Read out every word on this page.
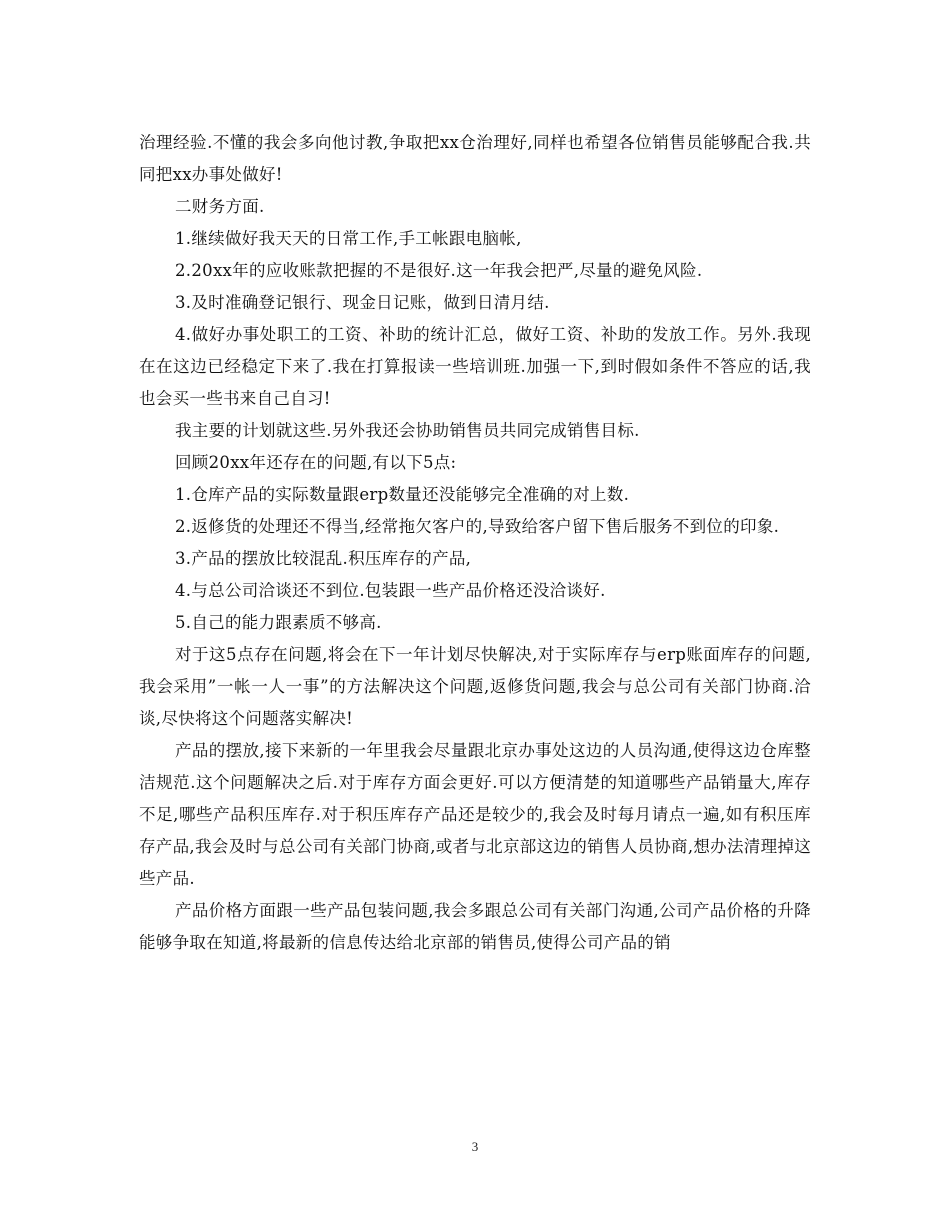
治理经验.不懂的我会多向他讨教,争取把xx仓治理好,同样也希望各位销售员能够配合我.共同把xx办事处做好!

二财务方面.

1.继续做好我天天的日常工作,手工帐跟电脑帐,

2.20xx年的应收账款把握的不是很好.这一年我会把严,尽量的避免风险.

3.及时准确登记银行、现金日记账，做到日清月结.

4.做好办事处职工的工资、补助的统计汇总，做好工资、补助的发放工作。另外.我现在在这边已经稳定下来了.我在打算报读一些培训班.加强一下,到时假如条件不答应的话,我也会买一些书来自己自习!

我主要的计划就这些.另外我还会协助销售员共同完成销售目标.

回顾20xx年还存在的问题,有以下5点:

1.仓库产品的实际数量跟erp数量还没能够完全准确的对上数.

2.返修货的处理还不得当,经常拖欠客户的,导致给客户留下售后服务不到位的印象.

3.产品的摆放比较混乱.积压库存的产品,

4.与总公司洽谈还不到位.包装跟一些产品价格还没洽谈好.

5.自己的能力跟素质不够高.

对于这5点存在问题,将会在下一年计划尽快解决,对于实际库存与erp账面库存的问题,我会采用”一帐一人一事”的方法解决这个问题,返修货问题,我会与总公司有关部门协商.洽谈,尽快将这个问题落实解决!

产品的摆放,接下来新的一年里我会尽量跟北京办事处这边的人员沟通,使得这边仓库整洁规范.这个问题解决之后.对于库存方面会更好.可以方便清楚的知道哪些产品销量大,库存不足,哪些产品积压库存.对于积压库存产品还是较少的,我会及时每月请点一遍,如有积压库存产品,我会及时与总公司有关部门协商,或者与北京部这边的销售人员协商,想办法清理掉这些产品.

产品价格方面跟一些产品包装问题,我会多跟总公司有关部门沟通,公司产品价格的升降能够争取在知道,将最新的信息传达给北京部的销售员,使得公司产品的销

3
